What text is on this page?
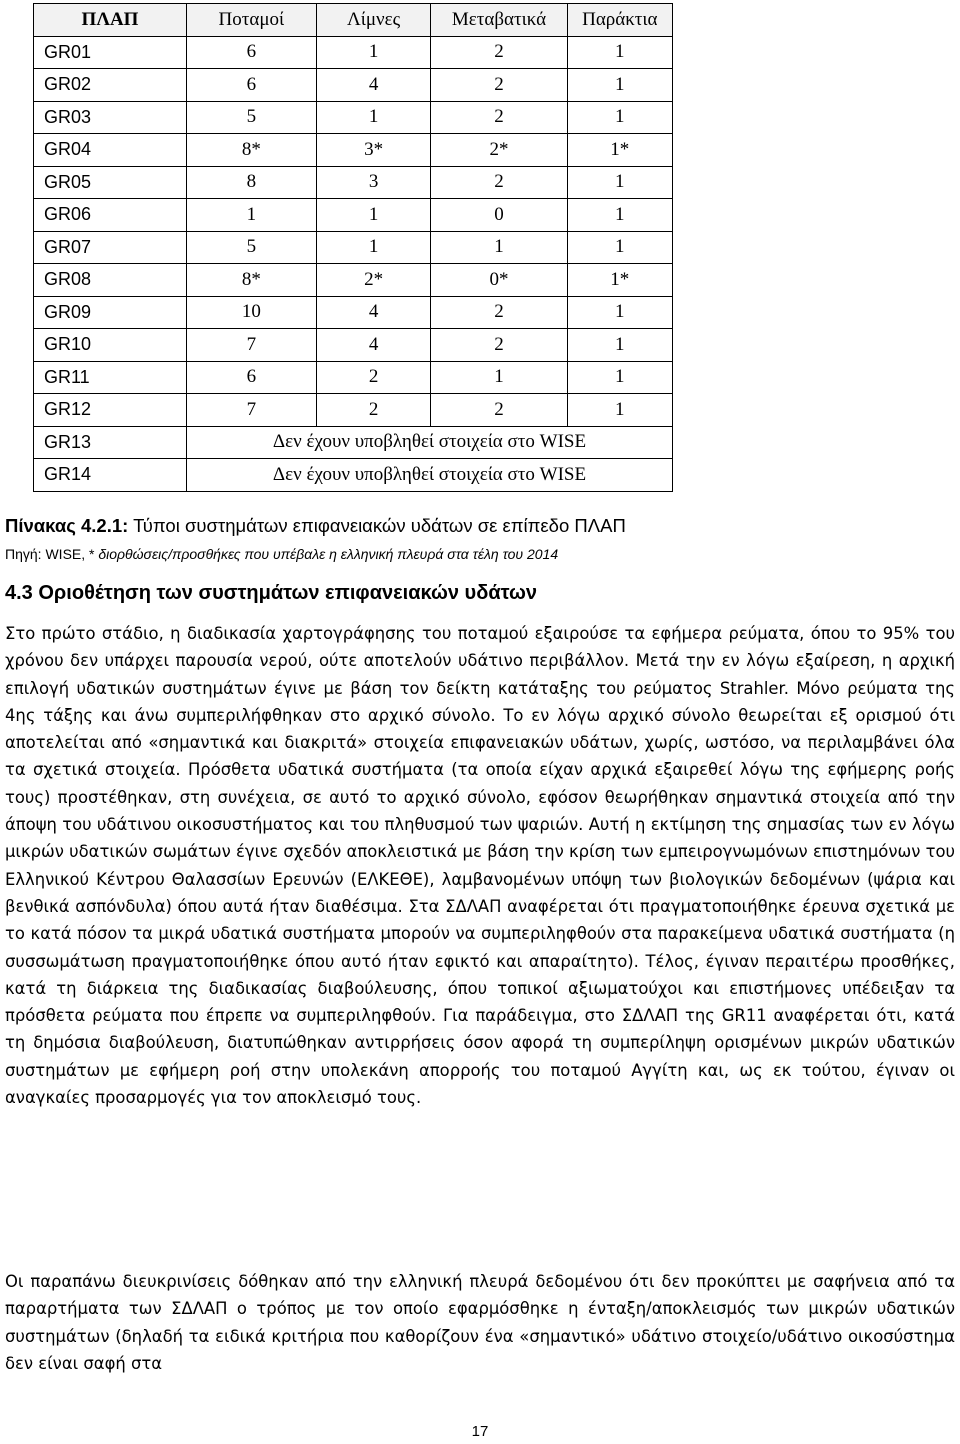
ΠΛΑΠ	Ποταμοί	Λίμνες	Μεταβατικά	Παράκτια
GR01	6	1	2	1
GR02	6	4	2	1
GR03	5	1	2	1
GR04	8*	3*	2*	1*
GR05	8	3	2	1
GR06	1	1	0	1
GR07	5	1	1	1
GR08	8*	2*	0*	1*
GR09	10	4	2	1
GR10	7	4	2	1
GR11	6	2	1	1
GR12	7	2	2	1
GR13	Δεν έχουν υποβληθεί στοιχεία στο WISE			
GR14	Δεν έχουν υποβληθεί στοιχεία στο WISE			
Πίνακας 4.2.1: Τύποι συστημάτων επιφανειακών υδάτων σε επίπεδο ΠΛΑΠ
Πηγή: WISE, * διορθώσεις/προσθήκες που υπέβαλε η ελληνική πλευρά στα τέλη του 2014
4.3 Οριοθέτηση των συστημάτων επιφανειακών υδάτων

Στο πρώτο στάδιο, η διαδικασία χαρτογράφησης του ποταμού εξαιρούσε τα εφήμερα ρεύματα, όπου το 95% του χρόνου δεν υπάρχει παρουσία νερού, ούτε αποτελούν υδάτινο περιβάλλον. Μετά την εν λόγω εξαίρεση, η αρχική επιλογή υδατικών συστημάτων έγινε με βάση τον δείκτη κατάταξης του ρεύματος Strahler. Μόνο ρεύματα της 4ης τάξης και άνω συμπεριλήφθηκαν στο αρχικό σύνολο. Το εν λόγω αρχικό σύνολο θεωρείται εξ ορισμού ότι αποτελείται από «σημαντικά και διακριτά» στοιχεία επιφανειακών υδάτων, χωρίς, ωστόσο, να περιλαμβάνει όλα τα σχετικά στοιχεία. Πρόσθετα υδατικά συστήματα (τα οποία είχαν αρχικά εξαιρεθεί λόγω της εφήμερης ροής τους) προστέθηκαν, στη συνέχεια, σε αυτό το αρχικό σύνολο, εφόσον θεωρήθηκαν σημαντικά στοιχεία από την άποψη του υδάτινου οικοσυστήματος και του πληθυσμού των ψαριών. Αυτή η εκτίμηση της σημασίας των εν λόγω μικρών υδατικών σωμάτων έγινε σχεδόν αποκλειστικά με βάση την κρίση των εμπειρογνωμόνων επιστημόνων του Ελληνικού Κέντρου Θαλασσίων Ερευνών (ΕΛΚΕΘΕ), λαμβανομένων υπόψη των βιολογικών δεδομένων (ψάρια και βενθικά ασπόνδυλα) όπου αυτά ήταν διαθέσιμα. Στα ΣΔΛΑΠ αναφέρεται ότι πραγματοποιήθηκε έρευνα σχετικά με το κατά πόσον τα μικρά υδατικά συστήματα μπορούν να συμπεριληφθούν στα παρακείμενα υδατικά συστήματα (η συσσωμάτωση πραγματοποιήθηκε όπου αυτό ήταν εφικτό και απαραίτητο). Τέλος, έγιναν περαιτέρω προσθήκες, κατά τη διάρκεια της διαδικασίας διαβούλευσης, όπου τοπικοί αξιωματούχοι και επιστήμονες υπέδειξαν τα πρόσθετα ρεύματα που έπρεπε να συμπεριληφθούν. Για παράδειγμα, στο ΣΔΛΑΠ της GR11 αναφέρεται ότι, κατά τη δημόσια διαβούλευση, διατυπώθηκαν αντιρρήσεις όσον αφορά τη συμπερίληψη ορισμένων μικρών υδατικών συστημάτων με εφήμερη ροή στην υπολεκάνη απορροής του ποταμού Αγγίτη και, ως εκ τούτου, έγιναν οι αναγκαίες προσαρμογές για τον αποκλεισμό τους.

Οι παραπάνω διευκρινίσεις δόθηκαν από την ελληνική πλευρά δεδομένου ότι δεν προκύπτει με σαφήνεια από τα παραρτήματα των ΣΔΛΑΠ ο τρόπος με τον οποίο εφαρμόσθηκε η ένταξη/αποκλεισμός των μικρών υδατικών συστημάτων (δηλαδή τα ειδικά κριτήρια που καθορίζουν ένα «σημαντικό» υδάτινο στοιχείο/υδάτινο οικοσύστημα δεν είναι σαφή στα

17
